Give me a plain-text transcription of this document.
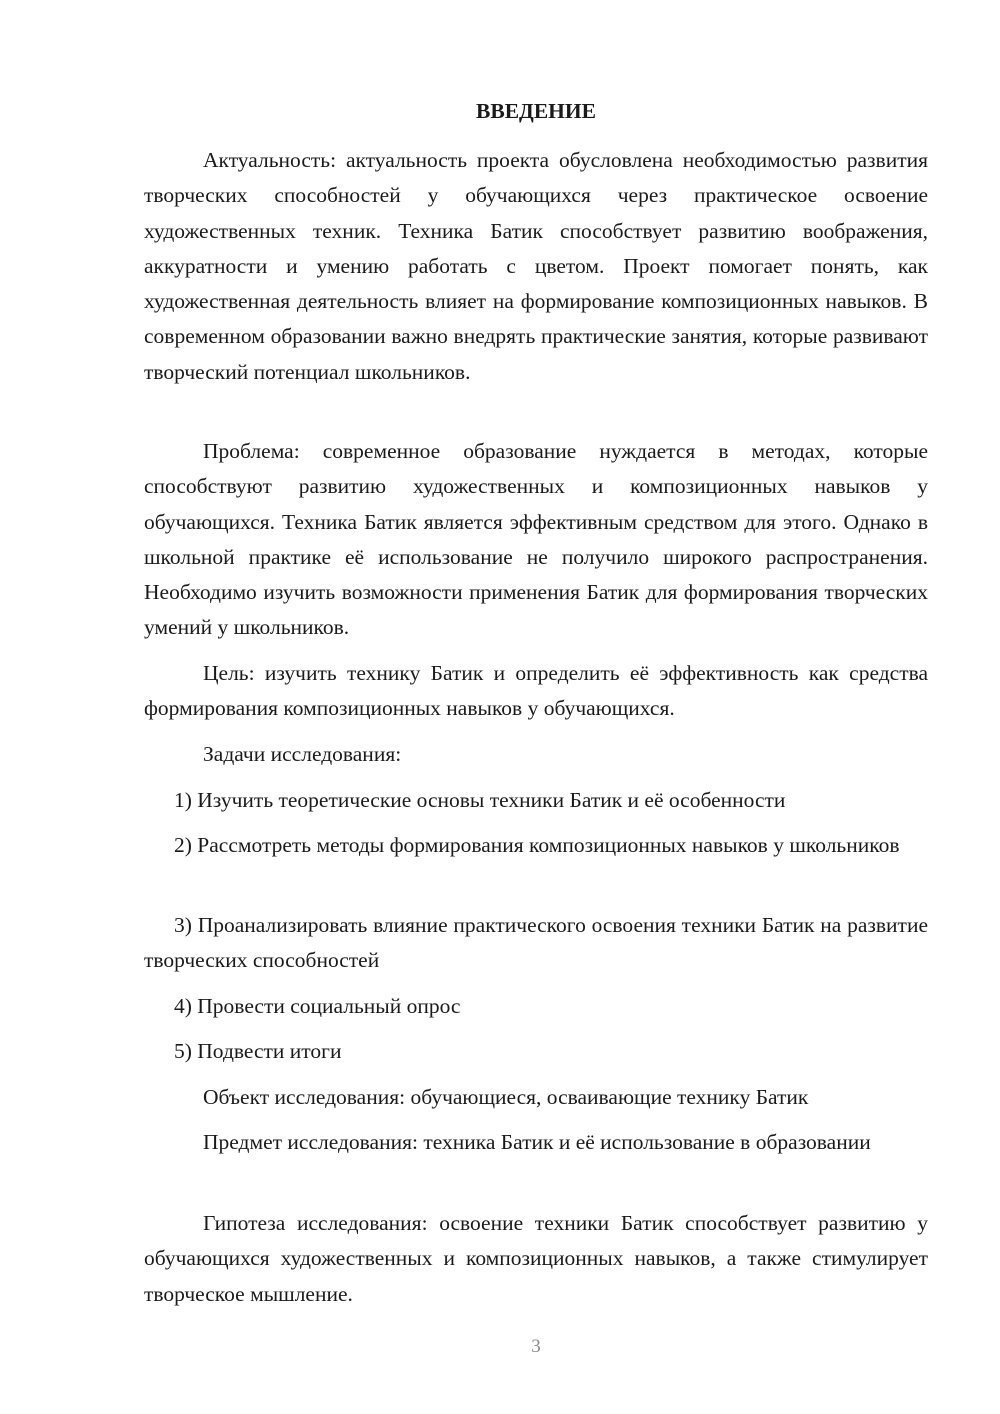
ВВЕДЕНИЕ

Актуальность: актуальность проекта обусловлена необходимостью развития творческих способностей у обучающихся через практическое освоение художественных техник. Техника Батик способствует развитию воображения, аккуратности и умению работать с цветом. Проект помогает понять, как художественная деятельность влияет на формирование композиционных навыков. В современном образовании важно внедрять практические занятия, которые развивают творческий потенциал школьников.

Проблема: современное образование нуждается в методах, которые способствуют развитию художественных и композиционных навыков у обучающихся. Техника Батик является эффективным средством для этого. Однако в школьной практике её использование не получило широкого распространения. Необходимо изучить возможности применения Батик для формирования творческих умений у школьников.

Цель: изучить технику Батик и определить её эффективность как средства формирования композиционных навыков у обучающихся.

Задачи исследования:

1) Изучить теоретические основы техники Батик и её особенности

2) Рассмотреть методы формирования композиционных навыков у школьников

3) Проанализировать влияние практического освоения техники Батик на развитие творческих способностей

4) Провести социальный опрос

5) Подвести итоги

Объект исследования: обучающиеся, осваивающие технику Батик

Предмет исследования: техника Батик и её использование в образовании

Гипотеза исследования: освоение техники Батик способствует развитию у обучающихся художественных и композиционных навыков, а также стимулирует творческое мышление.

3
